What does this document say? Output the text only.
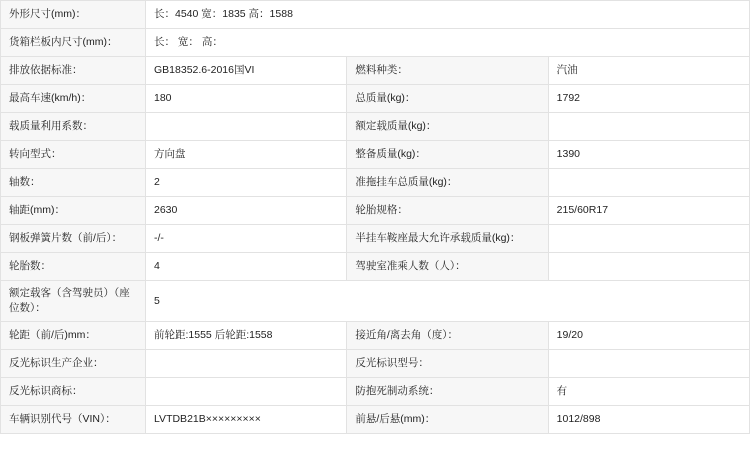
外形尺寸(mm)：	长：4540 宽：1835 高：1588		
货箱栏板内尺寸(mm)：	长： 宽： 高：		
排放依据标准：	GB18352.6-2016国VI	燃料种类：	汽油
最高车速(km/h)：	180	总质量(kg)：	1792
载质量利用系数：		额定载质量(kg)：	
转向型式：	方向盘	整备质量(kg)：	1390
轴数：	2	准拖挂车总质量(kg)：	
轴距(mm)：	2630	轮胎规格：	215/60R17
钢板弹簧片数（前/后）：	-/-	半挂车鞍座最大允许承载质量(kg)：	
轮胎数：	4	驾驶室准乘人数（人）：	
额定载客（含驾驶员）（座位数）：	5		
轮距（前/后)mm：	前轮距:1555 后轮距:1558	接近角/离去角（度）：	19/20
反光标识生产企业：		反光标识型号：	
反光标识商标：		防抱死制动系统：	有
车辆识别代号（VIN）：	LVTDB21B×××××××××	前悬/后悬(mm)：	1012/898
